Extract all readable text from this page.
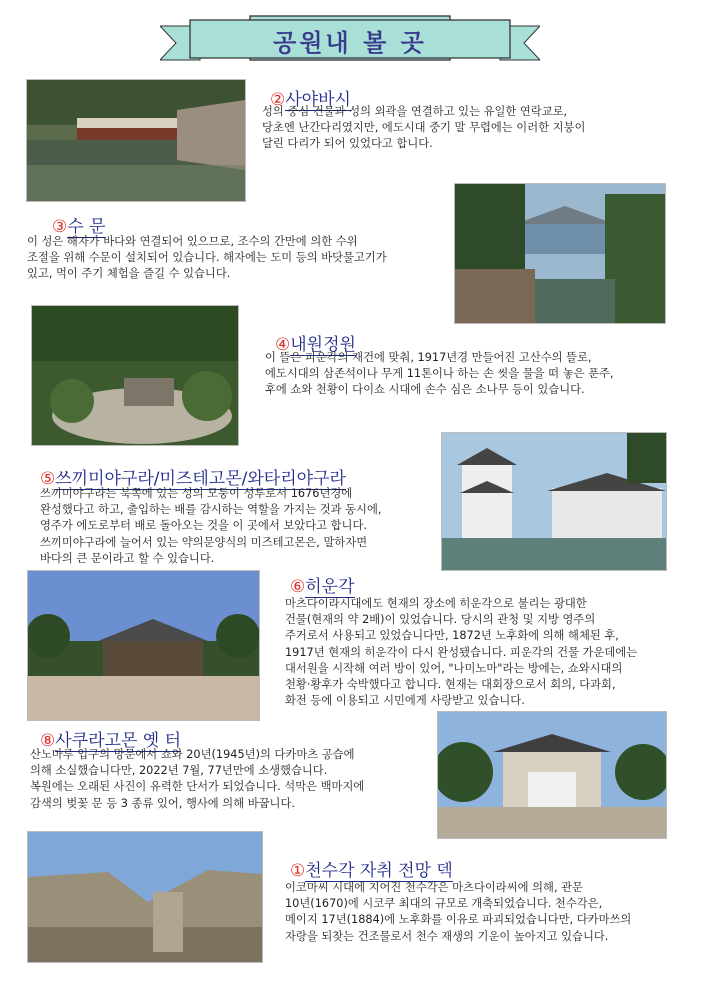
공원내 볼 곳
②사야바시
성의 중심 건물과 성의 외곽을 연결하고 있는 유일한 연락교로,
당초엔 난간다리였지만, 에도시대 중기 말 무렵에는 이러한 지붕이
달린 다리가 되어 있었다고 합니다.
③수 문
이 성은 해자가 바다와 연결되어 있으므로, 조수의 간만에 의한 수위
조절을 위해 수문이 설치되어 있습니다. 해자에는 도미 등의 바닷물고기가
있고, 먹이 주기 체험을 즐길 수 있습니다.
④내원정원
이 뜰은 피운각의 재건에 맞춰, 1917년경 만들어진 고산수의 뜰로,
에도시대의 삼존석이나 무게 11톤이나 하는 손 씻을 물을 떠 놓은 푼주,
후에 쇼와 천황이 다이쇼 시대에 손수 심은 소나무 등이 있습니다.
⑤쓰끼미야구라/미즈테고몬/와타리야구라
쓰끼미야구라는 북쪽에 있는 성의 모퉁이 성루로서 1676년경에
완성했다고 하고, 출입하는 배를 감시하는 역할을 가지는 것과 동시에,
영주가 에도로부터 배로 돌아오는 것을 이 곳에서 보았다고 합니다.
쓰끼미야구라에 늘어서 있는 약의문양식의 미즈테고몬은, 말하자면
바다의 큰 문이라고 할 수 있습니다.
⑥히운각
마츠다이라시대에도 현재의 장소에 히운각으로 불리는 광대한
건물(현재의 약 2배)이 있었습니다. 당시의 관청 및 지방 영주의
주거로서 사용되고 있었습니다만, 1872년 노후화에 의해 해체된 후,
1917년 현재의 히운각이 다시 완성됐습니다. 피운각의 건물 가운데에는
대서원을 시작해 여러 방이 있어, "나미노마"라는 방에는, 쇼와시대의
천황·황후가 숙박했다고 합니다. 현재는 대회장으로서 회의, 다과회,
화전 등에 이용되고 시민에게 사랑받고 있습니다.
⑧사쿠라고몬 옛 터
산노마루 입구의 망문에서 쇼와 20년(1945년)의 다카마츠 공습에
의해 소실했습니다만, 2022년 7월, 77년만에 소생했습니다.
복원에는 오래된 사진이 유력한 단서가 되었습니다. 석막은 백마지에
감색의 벚꽃 문 등 3 종류 있어, 행사에 의해 바꿉니다.
①천수각 자취 전망 덱
이코마씨 시대에 지어진 천수각은 마츠다이라씨에 의해, 관문
10년(1670)에 시코쿠 최대의 규모로 개축되었습니다. 천수각은,
메이지 17년(1884)에 노후화를 이유로 파괴되었습니다만, 다카마쓰의
자랑을 되찾는 건조물로서 천수 재생의 기운이 높아지고 있습니다.
